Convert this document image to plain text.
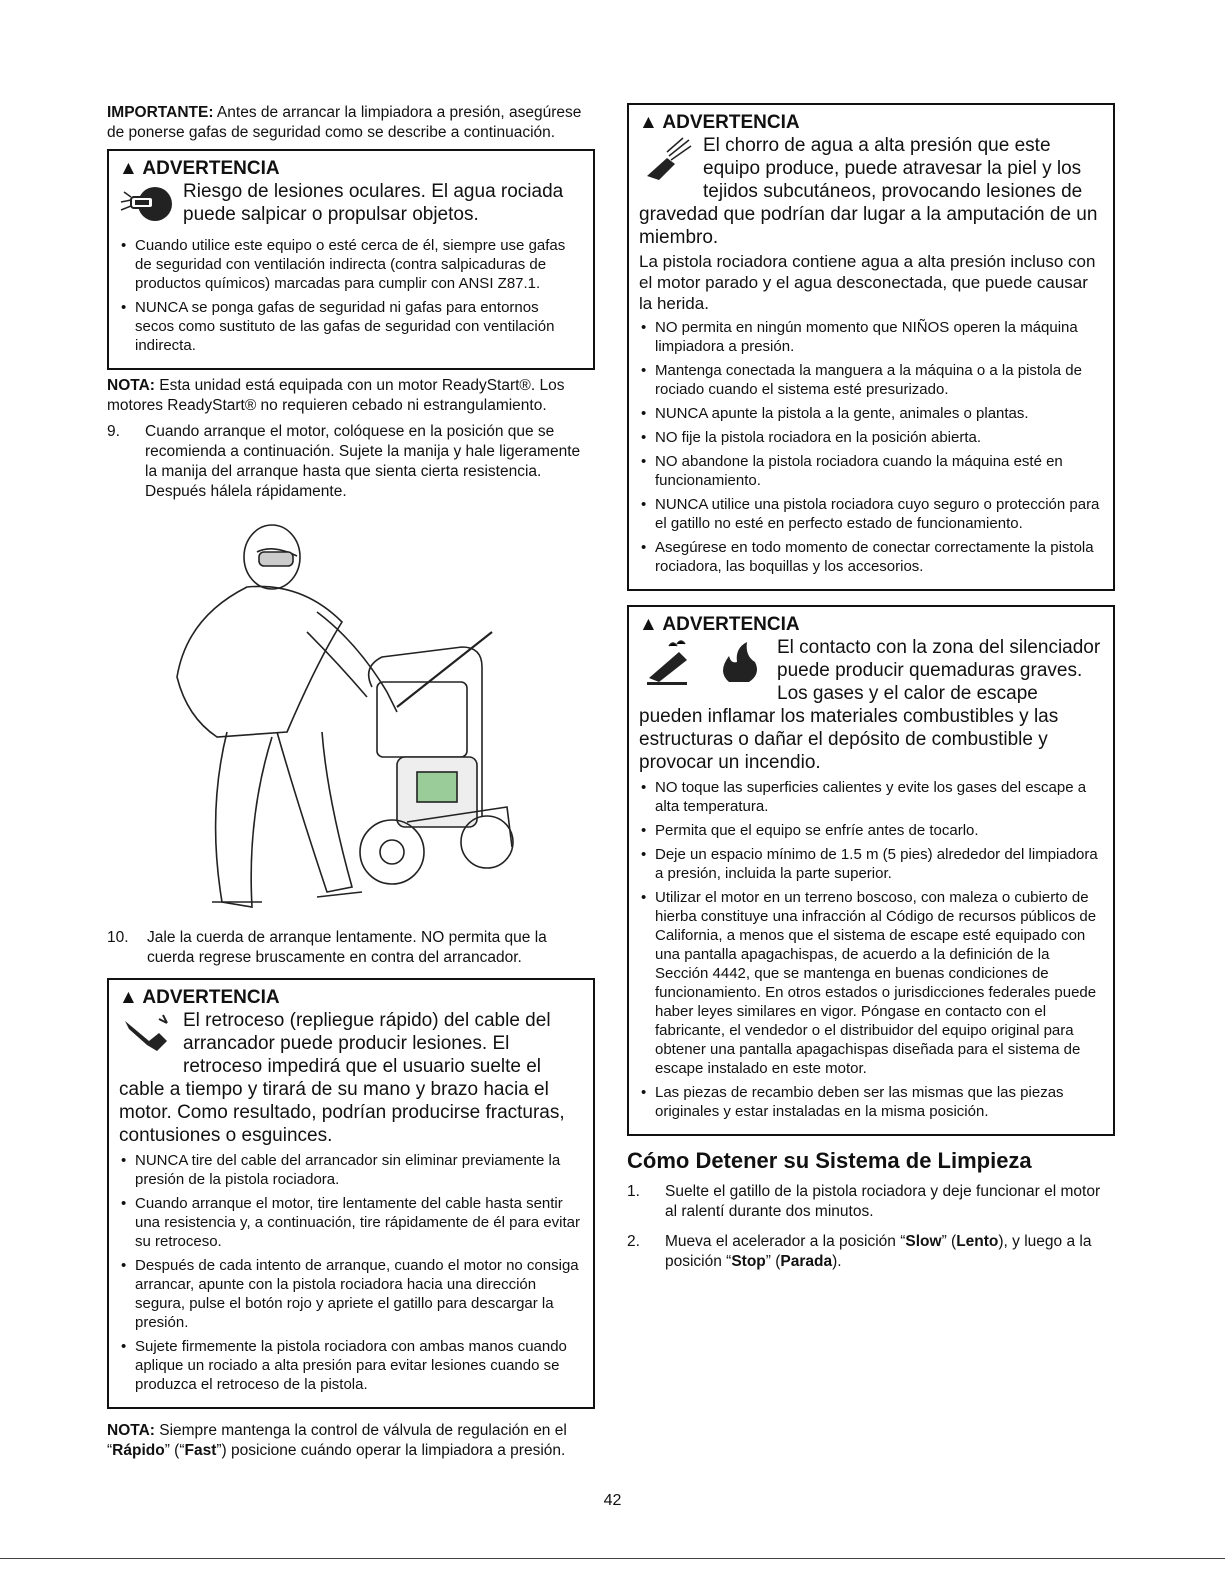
IMPORTANTE: Antes de arrancar la limpiadora a presión, asegúrese de ponerse gafas de seguridad como se describe a continuación.

▲ ADVERTENCIA
Riesgo de lesiones oculares. El agua rociada puede salpicar o propulsar objetos.
• Cuando utilice este equipo o esté cerca de él, siempre use gafas de seguridad con ventilación indirecta (contra salpicaduras de productos químicos) marcadas para cumplir con ANSI Z87.1.
• NUNCA se ponga gafas de seguridad ni gafas para entornos secos como sustituto de las gafas de seguridad con ventilación indirecta.

NOTA: Esta unidad está equipada con un motor ReadyStart®. Los motores ReadyStart® no requieren cebado ni estrangulamiento.

9. Cuando arranque el motor, colóquese en la posición que se recomienda a continuación. Sujete la manija y hale ligeramente la manija del arranque hasta que sienta cierta resistencia. Después hálela rápidamente.
10. Jale la cuerda de arranque lentamente. NO permita que la cuerda regrese bruscamente en contra del arrancador.
▲ ADVERTENCIA
El retroceso (repliegue rápido) del cable del arrancador puede producir lesiones. El retroceso impedirá que el usuario suelte el cable a tiempo y tirará de su mano y brazo hacia el motor. Como resultado, podrían producirse fracturas, contusiones o esguinces.
• NUNCA tire del cable del arrancador sin eliminar previamente la presión de la pistola rociadora.
• Cuando arranque el motor, tire lentamente del cable hasta sentir una resistencia y, a continuación, tire rápidamente de él para evitar su retroceso.
• Después de cada intento de arranque, cuando el motor no consiga arrancar, apunte con la pistola rociadora hacia una dirección segura, pulse el botón rojo y apriete el gatillo para descargar la presión.
• Sujete firmemente la pistola rociadora con ambas manos cuando aplique un rociado a alta presión para evitar lesiones cuando se produzca el retroceso de la pistola.

NOTA: Siempre mantenga la control de válvula de regulación en el “Rápido” (“Fast”) posicione cuándo operar la limpiadora a presión.

▲ ADVERTENCIA
El chorro de agua a alta presión que este equipo produce, puede atravesar la piel y los tejidos subcutáneos, provocando lesiones de gravedad que podrían dar lugar a la amputación de un miembro.
La pistola rociadora contiene agua a alta presión incluso con el motor parado y el agua desconectada, que puede causar la herida.
• NO permita en ningún momento que NIÑOS operen la máquina limpiadora a presión.
• Mantenga conectada la manguera a la máquina o a la pistola de rociado cuando el sistema esté presurizado.
• NUNCA apunte la pistola a la gente, animales o plantas.
• NO fije la pistola rociadora en la posición abierta.
• NO abandone la pistola rociadora cuando la máquina esté en funcionamiento.
• NUNCA utilice una pistola rociadora cuyo seguro o protección para el gatillo no esté en perfecto estado de funcionamiento.
• Asegúrese en todo momento de conectar correctamente la pistola rociadora, las boquillas y los accesorios.
▲ ADVERTENCIA
El contacto con la zona del silenciador puede producir quemaduras graves. Los gases y el calor de escape pueden inflamar los materiales combustibles y las estructuras o dañar el depósito de combustible y provocar un incendio.
• NO toque las superficies calientes y evite los gases del escape a alta temperatura.
• Permita que el equipo se enfríe antes de tocarlo.
• Deje un espacio mínimo de 1.5 m (5 pies) alrededor del limpiadora a presión, incluida la parte superior.
• Utilizar el motor en un terreno boscoso, con maleza o cubierto de hierba constituye una infracción al Código de recursos públicos de California, a menos que el sistema de escape esté equipado con una pantalla apagachispas, de acuerdo a la definición de la Sección 4442, que se mantenga en buenas condiciones de funcionamiento. En otros estados o jurisdicciones federales puede haber leyes similares en vigor. Póngase en contacto con el fabricante, el vendedor o el distribuidor del equipo original para obtener una pantalla apagachispas diseñada para el sistema de escape instalado en este motor.
• Las piezas de recambio deben ser las mismas que las piezas originales y estar instaladas en la misma posición.
Cómo Detener su Sistema de Limpieza
1. Suelte el gatillo de la pistola rociadora y deje funcionar el motor al ralentí durante dos minutos.
2. Mueva el acelerador a la posición “Slow” (Lento), y luego a la posición “Stop” (Parada).
42
